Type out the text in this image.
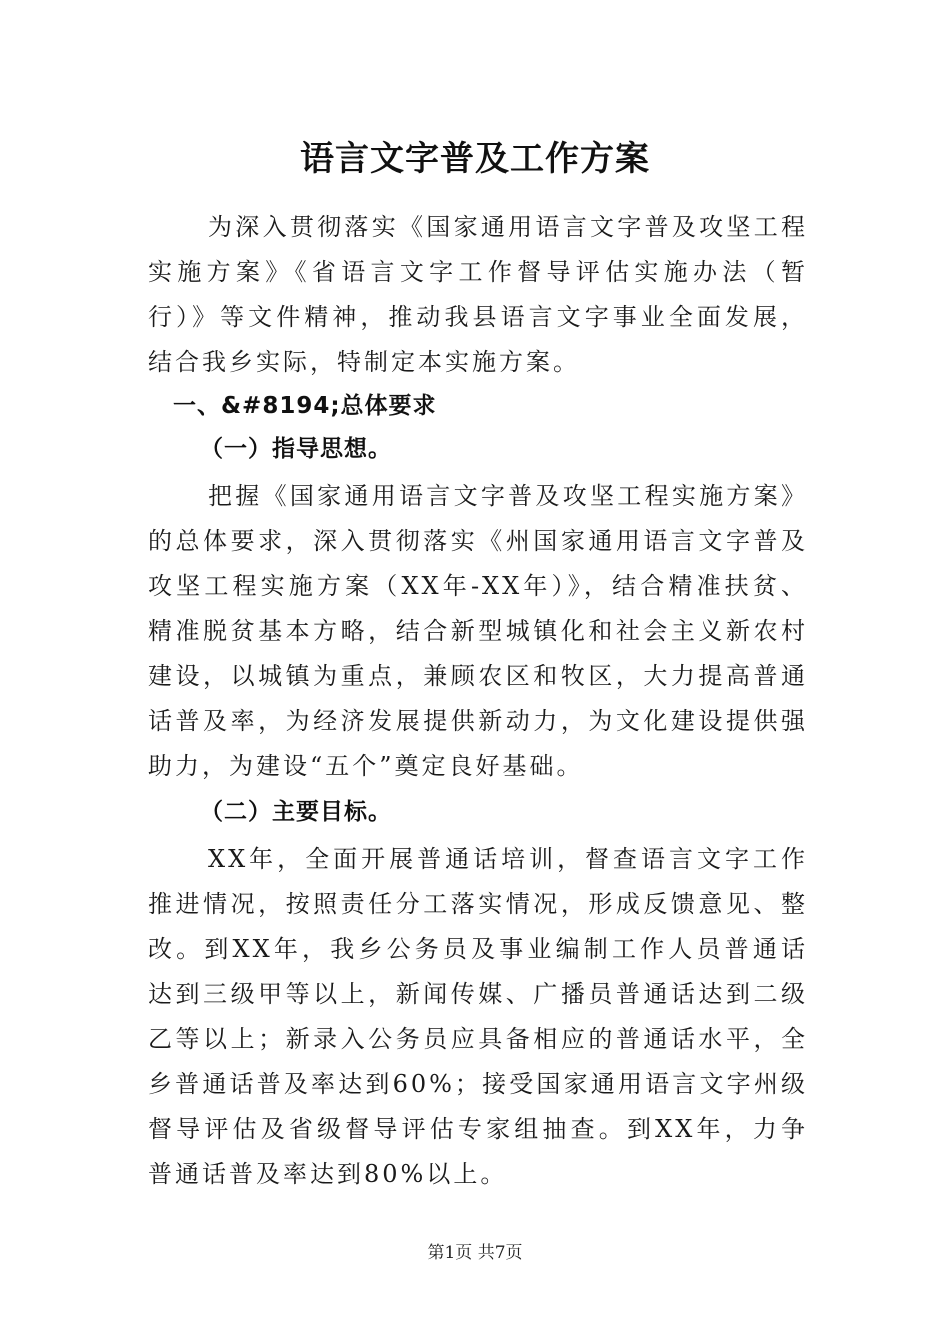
语言文字普及工作方案
为深入贯彻落实《国家通用语言文字普及攻坚工程实施方案》《省语言文字工作督导评估实施办法（暂行）》等文件精神，推动我县语言文字事业全面发展，结合我乡实际，特制定本实施方案。
一、&#8194;总体要求
（一）指导思想。
把握《国家通用语言文字普及攻坚工程实施方案》的总体要求，深入贯彻落实《州国家通用语言文字普及攻坚工程实施方案（XX年-XX年）》，结合精准扶贫、精准脱贫基本方略，结合新型城镇化和社会主义新农村建设，以城镇为重点，兼顾农区和牧区，大力提高普通话普及率，为经济发展提供新动力，为文化建设提供强助力，为建设“五个”奠定良好基础。
（二）主要目标。
XX年，全面开展普通话培训，督查语言文字工作推进情况，按照责任分工落实情况，形成反馈意见、整改。到XX年，我乡公务员及事业编制工作人员普通话达到三级甲等以上，新闻传媒、广播员普通话达到二级乙等以上；新录入公务员应具备相应的普通话水平，全乡普通话普及率达到60%；接受国家通用语言文字州级督导评估及省级督导评估专家组抽查。到XX年，力争普通话普及率达到80%以上。
第1页 共7页
